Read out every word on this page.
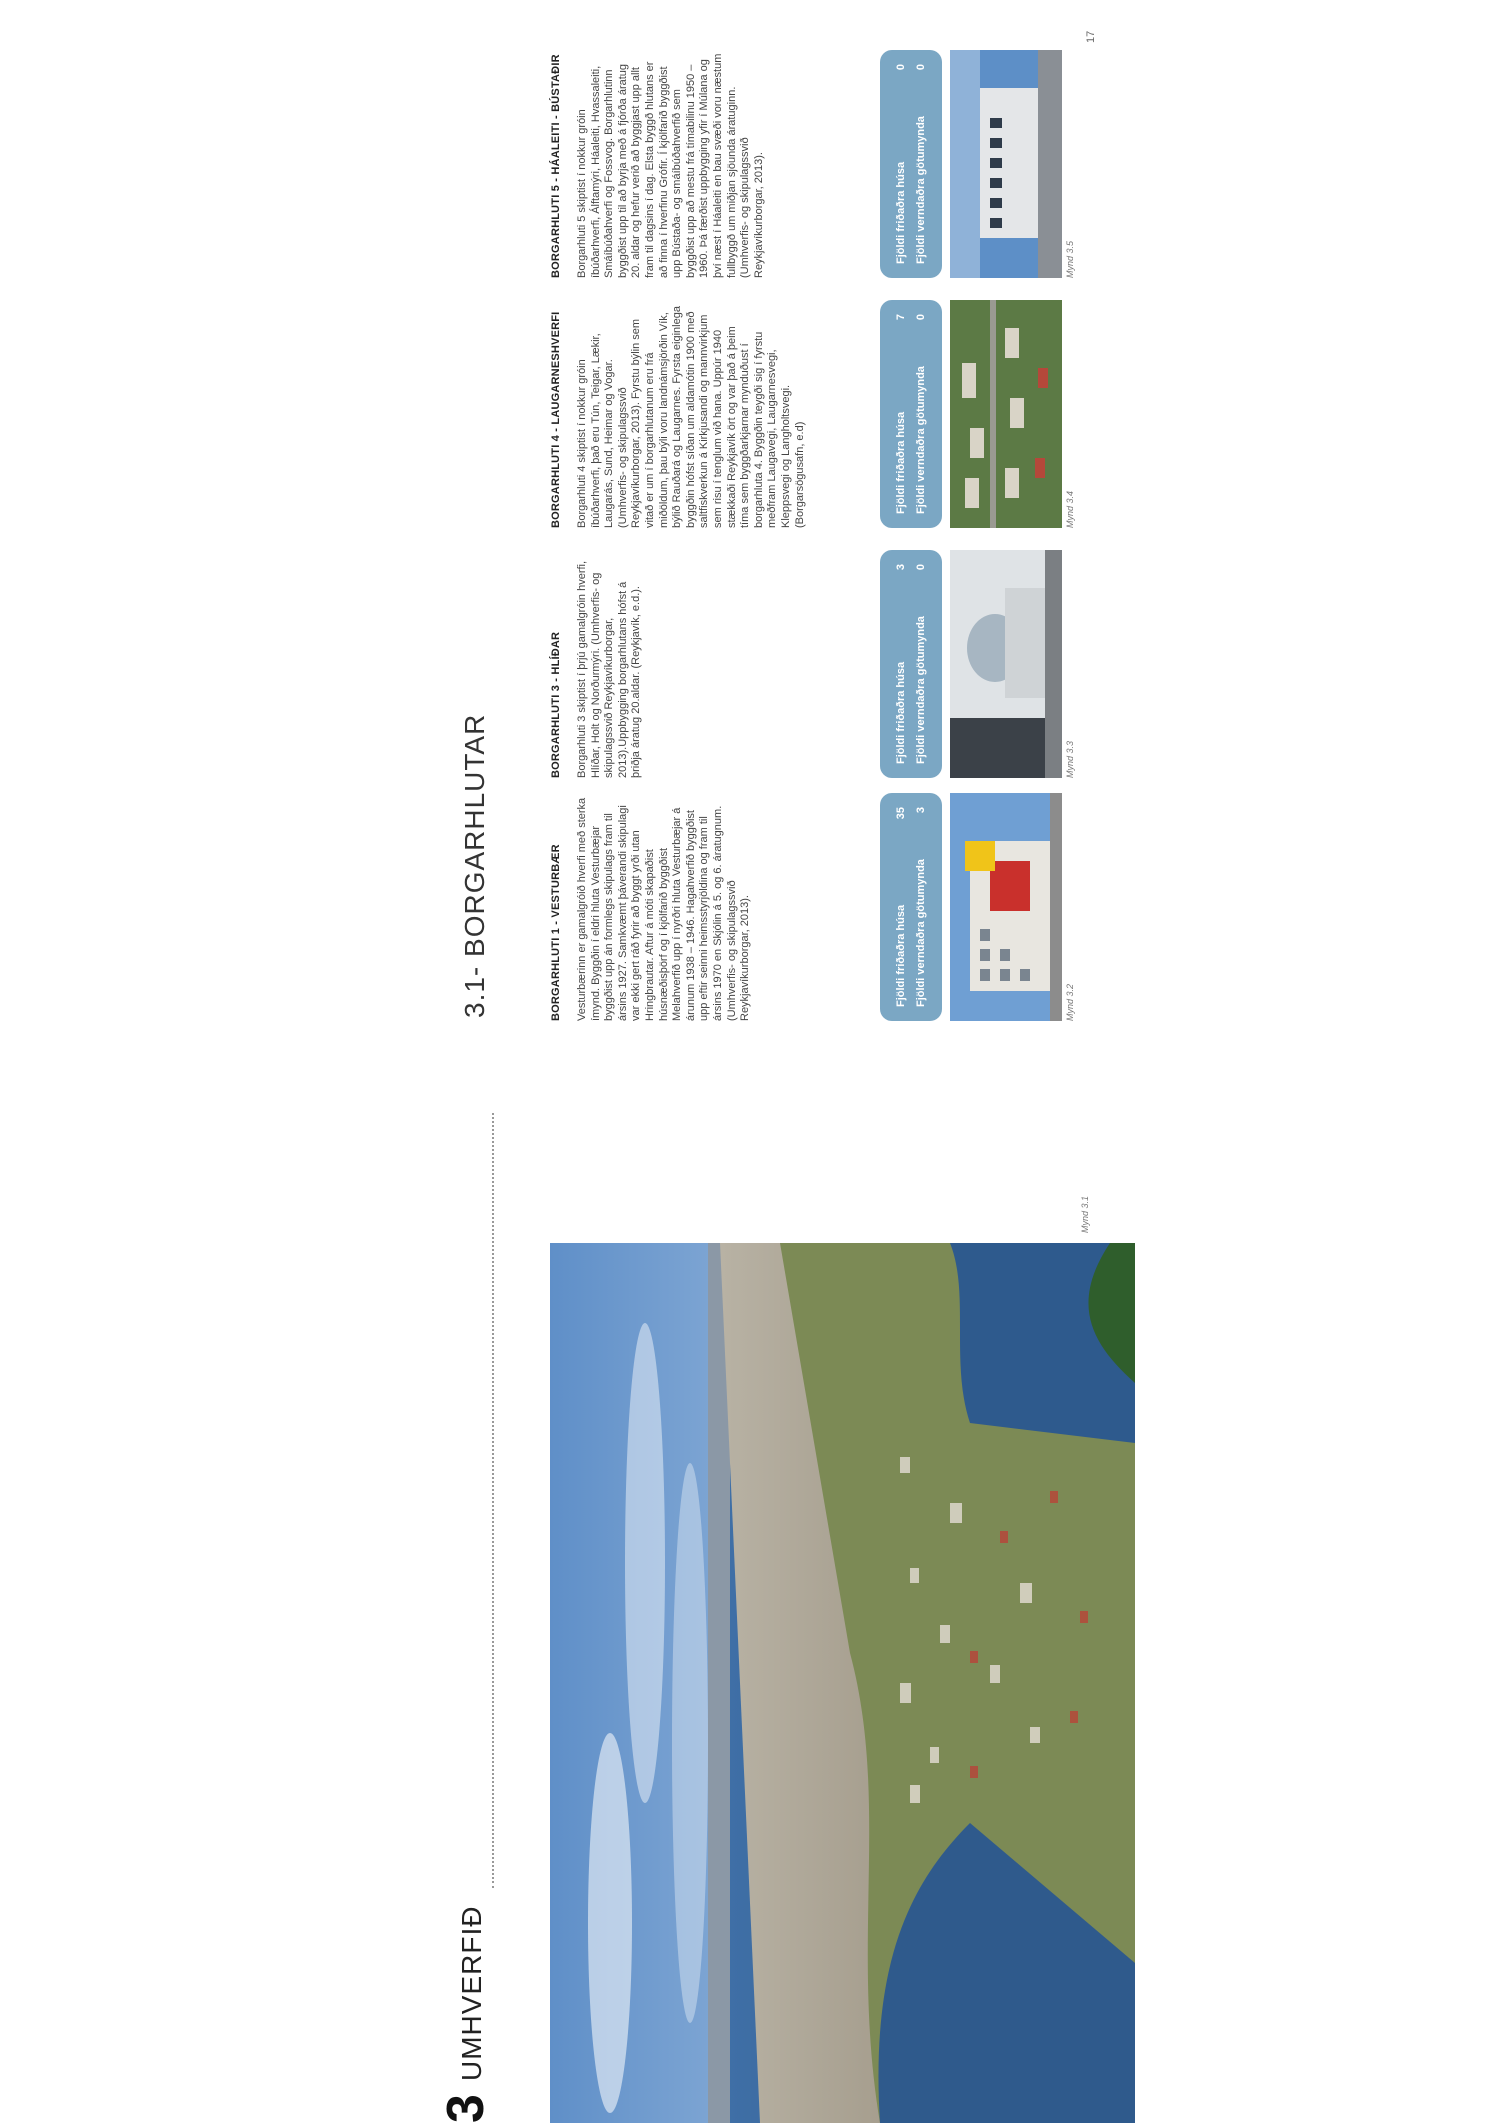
3
UMHVERFIÐ
3.1- BORGARHLUTAR
Mynd 3.1
BORGARHLUTI 1 - VESTURBÆR Vesturbærinn er gamalgróið hverfi með sterka ímynd. Byggðin í eldri hluta Vesturbæjar byggðist upp án formlegs skipulags fram til ársins 1927. Samkvæmt þáverandi skipulagi var ekki gert ráð fyrir að byggt yrði utan Hringbrautar. Aftur á móti skapaðist húsnæðisþörf og í kjölfarið byggðist Melahverfið upp í nyrðri hluta Vesturbæjar á árunum 1938 – 1946. Hagahverfið byggðist upp eftir seinni heimsstyrjöldina og fram til ársins 1970 en Skjólin á 5. og 6. áratugnum. (Umhverfis- og skipulagssvið Reykjavíkurborgar, 2013).
BORGARHLUTI 3 - HLÍÐAR Borgarhluti 3 skiptist í þrjú gamalgróin hverfi, Hlíðar, Holt og Norðurmýri. (Umhverfis- og skipulagssvið Reykjavíkurborgar, 2013).Uppbygging borgarhlutans hófst á þriðja áratug 20.aldar. (Reykjavík, e.d.).
BORGARHLUTI 4 - LAUGARNESHVERFI Borgarhluti 4 skiptist í nokkur gróin íbúðarhverfi, það eru Tún, Teigar, Lækir, Laugarás, Sund, Heimar og Vogar. (Umhverfis- og skipulagssvið Reykjavíkurborgar, 2013). Fyrstu býlin sem vitað er um í borgarhlutanum eru frá miðöldum, þau býli voru landnámsjörðin Vík, býlið Rauðará og Laugarnes. Fyrsta eiginlega byggðin hófst síðan um aldamótin 1900 með saltfiskverkun á Kirkjusandi og mannvirkjum sem risu í tenglum við hana. Uppúr 1940 stækkaði Reykjavík ört og var það á þeim tíma sem byggðarkjarnar mynduðust í borgarhluta 4. Byggðin teygði sig í fyrstu meðfram Laugavegi, Laugarnesvegi, Kleppsvegi og Langholtsvegi. (Borgarsögusafn, e.d)
BORGARHLUTI 5 - HÁALEITI - BÚSTAÐIR Borgarhluti 5 skiptist í nokkur gróin íbúðarhverfi, Álftamýri, Háaleiti, Hvassaleiti, Smáíbúðahverfi og Fossvog. Borgarhlutinn byggðist upp til að byrja með á fjórða áratug 20. aldar og hefur verið að byggjast upp allt fram til dagsins í dag. Elsta byggð hlutans er að finna í hverfinu Grófir. Í kjölfarið byggðist upp Bústaða- og smáíbúðahverfið sem byggðist upp að mestu frá tímabilinu 1950 – 1960. Þá færðist uppbygging yfir í Múlana og því næst í Háaleiti en bau svæði voru næstum fullbyggð um miðjan sjöunda áratuginn. (Umhverfis- og skipulagssvið Reykjavíkurborgar, 2013).
Fjöldi friðaðra húsa
35
Fjöldi verndaðra götumynda
3
Fjöldi friðaðra húsa
3
Fjöldi verndaðra götumynda
0
Fjöldi friðaðra húsa
7
Fjöldi verndaðra götumynda
0
Fjöldi friðaðra húsa
0
Fjöldi verndaðra götumynda
0
Mynd 3.2
Mynd 3.3
Mynd 3.4
Mynd 3.5
17
